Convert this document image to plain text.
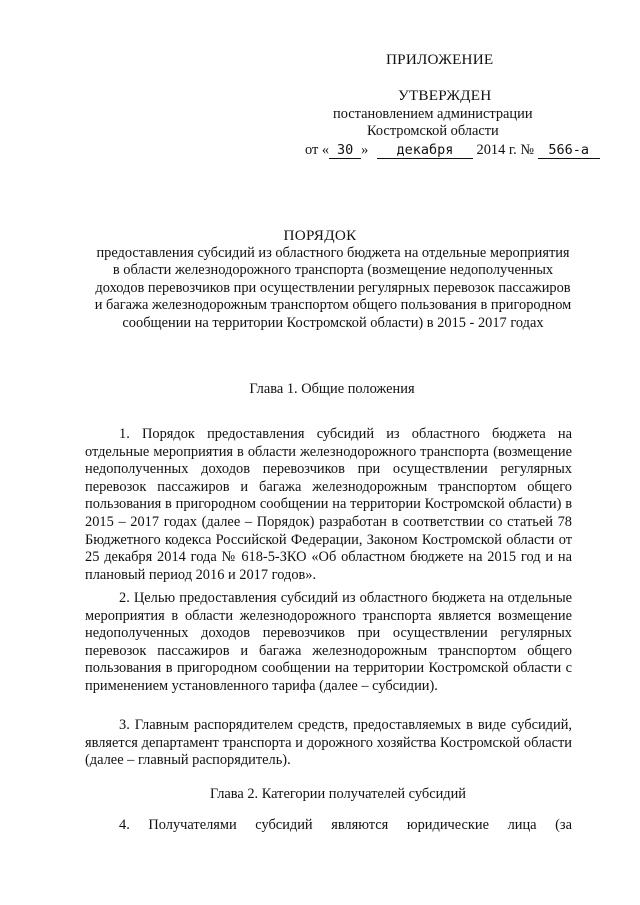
ПРИЛОЖЕНИЕ
УТВЕРЖДЕН
постановлением администрации
Костромской области
от « 30 » декабря 2014 г. № 566-а
ПОРЯДОК
предоставления субсидий из областного бюджета на отдельные мероприятия в области железнодорожного транспорта (возмещение недополученных доходов перевозчиков при осуществлении регулярных перевозок пассажиров и багажа железнодорожным транспортом общего пользования в пригородном сообщении на территории Костромской области) в 2015 - 2017 годах
Глава 1. Общие положения

1. Порядок предоставления субсидий из областного бюджета на отдельные мероприятия в области железнодорожного транспорта (возмещение недополученных доходов перевозчиков при осуществлении регулярных перевозок пассажиров и багажа железнодорожным транспортом общего пользования в пригородном сообщении на территории Костромской области) в 2015 – 2017 годах (далее – Порядок) разработан в соответствии со статьей 78 Бюджетного кодекса Российской Федерации, Законом Костромской области от 25 декабря 2014 года № 618-5-ЗКО «Об областном бюджете на 2015 год и на плановый период 2016 и 2017 годов».

2. Целью предоставления субсидий из областного бюджета на отдельные мероприятия в области железнодорожного транспорта является возмещение недополученных доходов перевозчиков при осуществлении регулярных перевозок пассажиров и багажа железнодорожным транспортом общего пользования в пригородном сообщении на территории Костромской области с применением установленного тарифа (далее – субсидии).

3. Главным распорядителем средств, предоставляемых в виде субсидий, является департамент транспорта и дорожного хозяйства Костромской области (далее – главный распорядитель).

Глава 2. Категории получателей субсидий

4. Получателями субсидий являются юридические лица (за
